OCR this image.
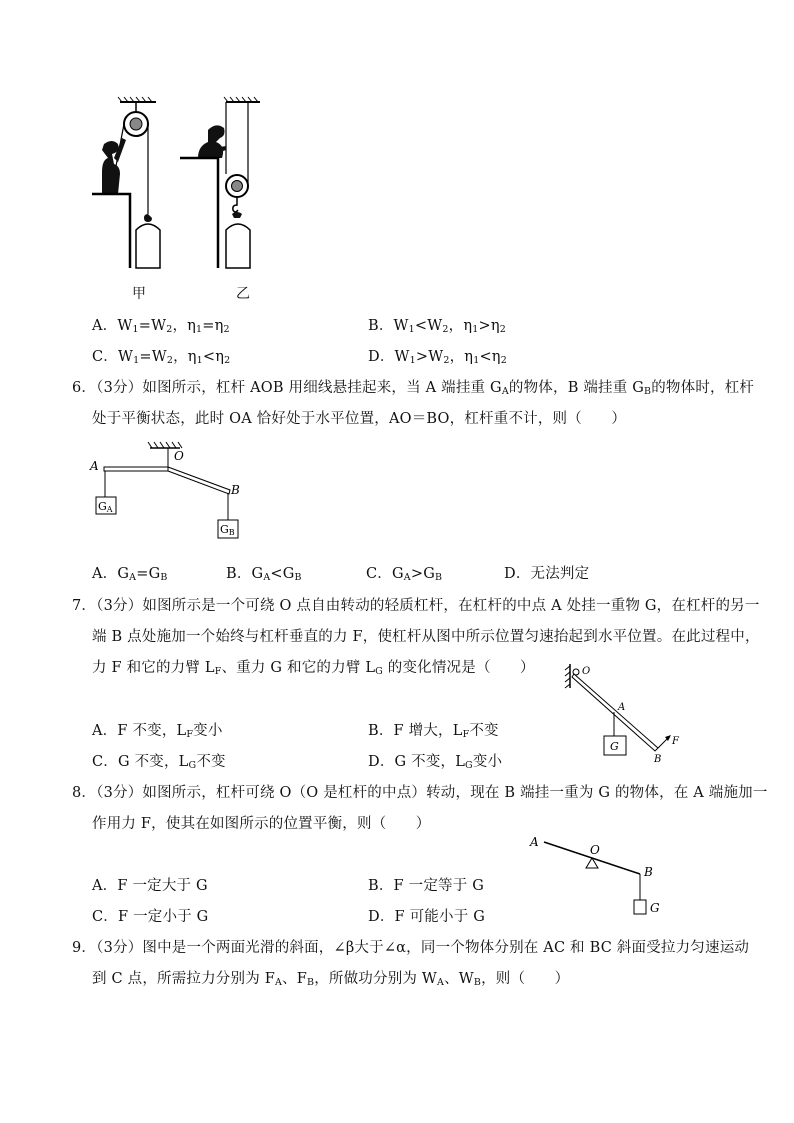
甲	乙
A．$W_1=W_2$，$\eta_1=\eta_2$	B．$W_1<W_2$，$\eta_1>\eta_2$
C．$W_1=W_2$，$\eta_1<\eta_2$	D．$W_1>W_2$，$\eta_1<\eta_2$
6．（3分）如图所示，杠杆 AOB 用细线悬挂起来，当 A 端挂重 $G_A$的物体，B 端挂重 $G_B$的物体时，杠杆
处于平衡状态，此时 OA 恰好处于水平位置，AO＝BO，杠杆重不计，则（　　）
A
O
B
GA
GB
A．$G_A=G_B$	B．$G_A<G_B$	C．$G_A>G_B$	D．无法判定
7．（3分）如图所示是一个可绕 O 点自由转动的轻质杠杆，在杠杆的中点 A 处挂一重物 G，在杠杆的另一
端 B 点处施加一个始终与杠杆垂直的力 F，使杠杆从图中所示位置匀速抬起到水平位置。在此过程中，
力 F 和它的力臂 $L_F$、重力 G 和它的力臂 $L_G$ 的变化情况是（　　）	O
A
G
B
F
A．F 不变，$L_F$变小	B．F 增大，$L_F$不变
C．G 不变，$L_G$不变	D．G 不变，$L_G$变小
8．（3分）如图所示，杠杆可绕 O（O 是杠杆的中点）转动，现在 B 端挂一重为 G 的物体，在 A 端施加一
作用力 F，使其在如图所示的位置平衡，则（　　）
A
O
B
G
A．F 一定大于 G	B．F 一定等于 G
C．F 一定小于 G	D．F 可能小于 G
9．（3分）图中是一个两面光滑的斜面，∠β大于∠α，同一个物体分别在 AC 和 BC 斜面受拉力匀速运动
到 C 点，所需拉力分别为 $F_A$、$F_B$，所做功分别为 $W_A$、$W_B$，则（　　）
